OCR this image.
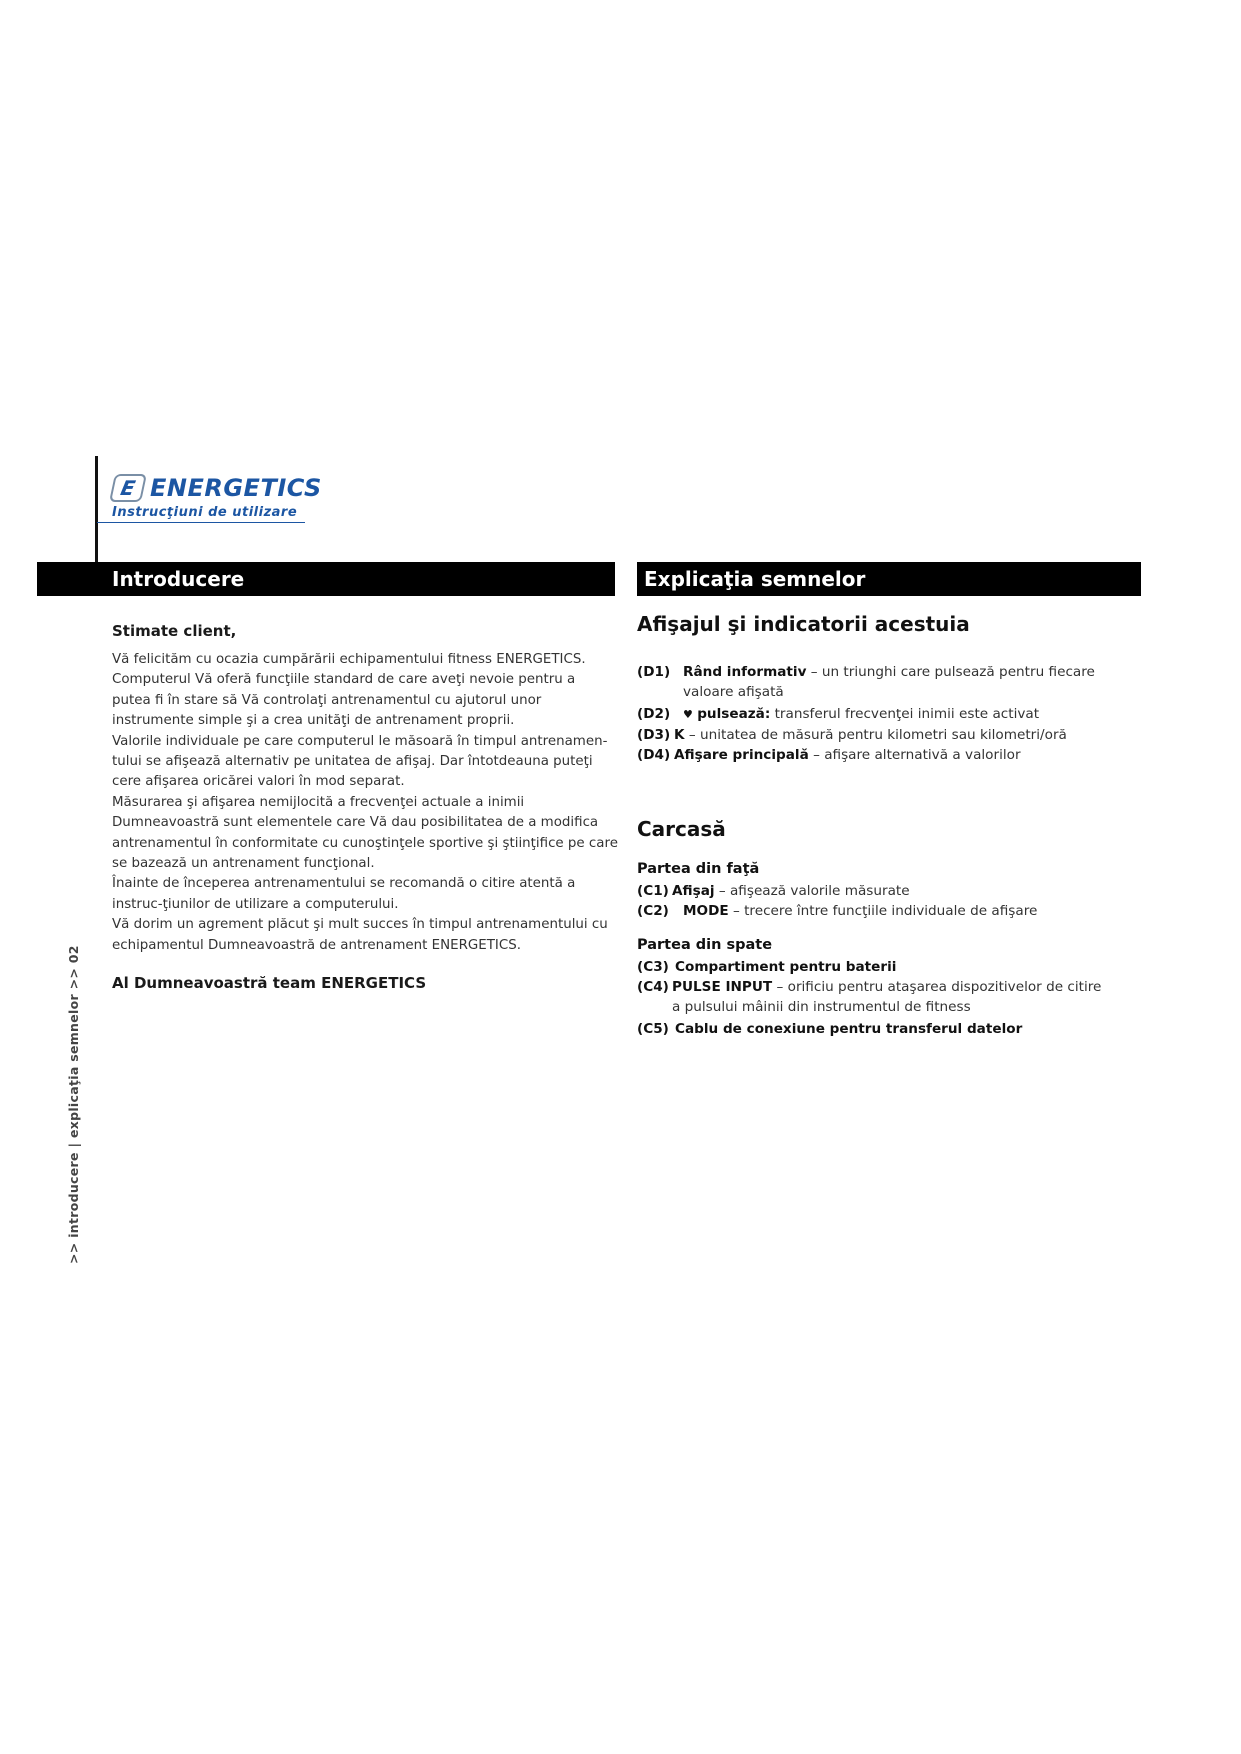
E ENERGETICS
Instrucţiuni de utilizare
Introducere	Explicaţia semnelor

Stimate client,

Vă felicităm cu ocazia cumpărării echipamentului fitness ENERGETICS.

Computerul Vă oferă funcţiile standard de care aveţi nevoie pentru a putea fi în stare să Vă controlaţi antrenamentul cu ajutorul unor instrumente simple şi a crea unităţi de antrenament proprii.

Valorile individuale pe care computerul le măsoară în timpul antrenamen-tului se afişează alternativ pe unitatea de afişaj. Dar întotdeauna puteţi cere afişarea oricărei valori în mod separat.

Măsurarea şi afişarea nemijlocită a frecvenţei actuale a inimii Dumneavoastră sunt elementele care Vă dau posibilitatea de a modifica antrenamentul în conformitate cu cunoştinţele sportive şi ştiinţifice pe care se bazează un antrenament funcţional.

Înainte de începerea antrenamentului se recomandă o citire atentă a instruc-ţiunilor de utilizare a computerului.

Vă dorim un agrement plăcut şi mult succes în timpul antrenamentului cu echipamentul Dumneavoastră de antrenament ENERGETICS.

Al Dumneavoastră team ENERGETICS

Afişajul şi indicatorii acestuia

(D1) Rând informativ – un triunghi care pulsează pentru fiecare valoare afişată
(D2)	♥ pulsează: transferul frecvenţei inimii este activat
(D3) K – unitatea de măsură pentru kilometri sau kilometri/oră
(D4) Afişare principală – afişare alternativă a valorilor

Carcasă

Partea din faţă

(C1) Afişaj – afişează valorile măsurate
(C2)	MODE – trecere între funcţiile individuale de afişare

Partea din spate

(C3) Compartiment pentru baterii
(C4) PULSE INPUT – orificiu pentru ataşarea dispozitivelor de citire a pulsului mâinii din instrumentul de fitness
(C5) Cablu de conexiune pentru transferul datelor
>> introducere | explicaţia semnelor >> 02
